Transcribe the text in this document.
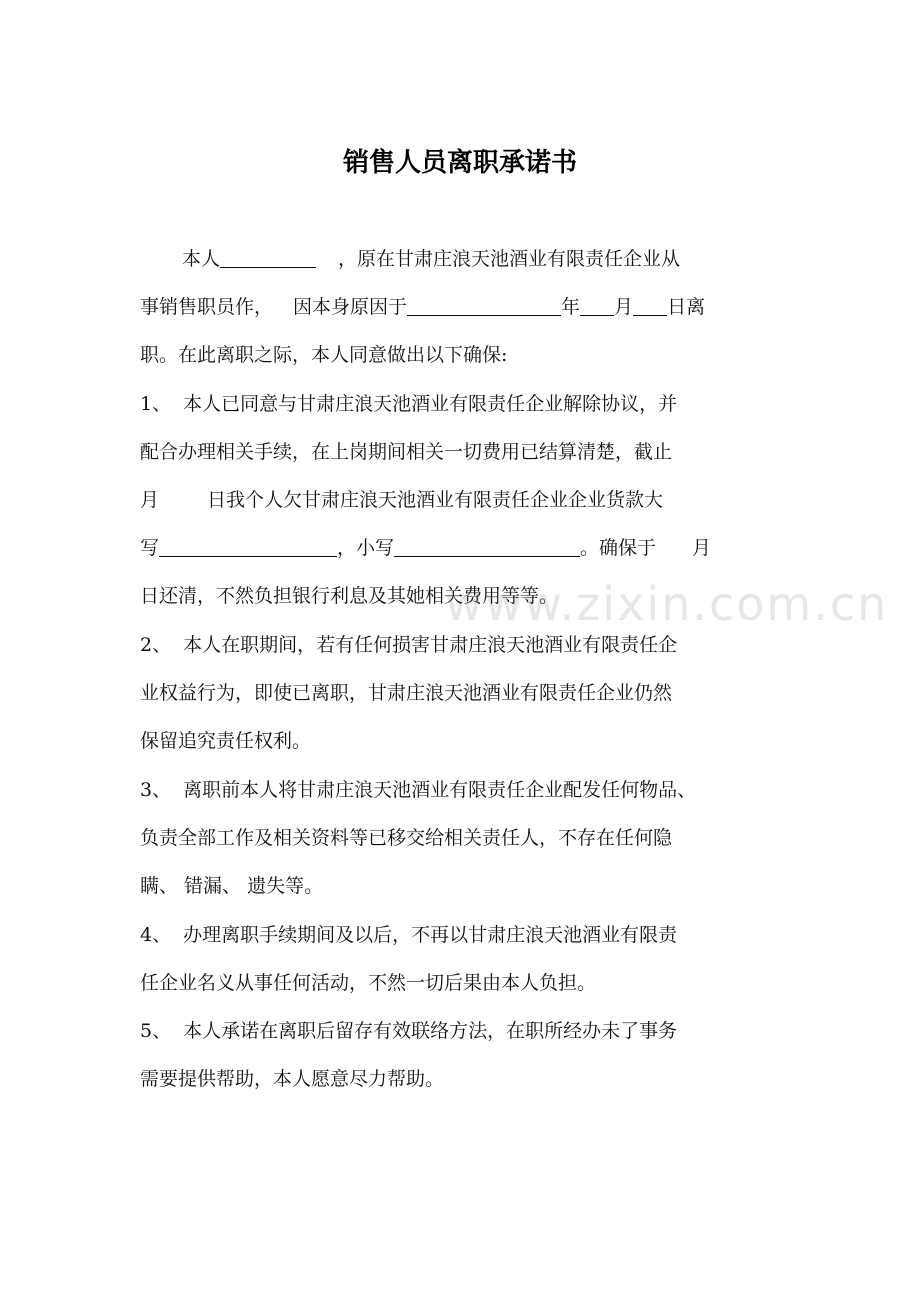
www.zixin.com.cn
销售人员离职承诺书
本人	，原在甘肃庄浪天池酒业有限责任企业从
事销售职员作， 因本身原因于	年 月 日离
职。在此离职之际，本人同意做出以下确保:
1、  本人已同意与甘肃庄浪天池酒业有限责任企业解除协议，并
配合办理相关手续，在上岗期间相关一切费用已结算清楚，截止
月	日我个人欠甘肃庄浪天池酒业有限责任企业企业货款大
写	，小写	。确保于 月
日还清，不然负担银行利息及其她相关费用等等。
2、  本人在职期间，若有任何损害甘肃庄浪天池酒业有限责任企
业权益行为，即使已离职，甘肃庄浪天池酒业有限责任企业仍然
保留追究责任权利。
3、  离职前本人将甘肃庄浪天池酒业有限责任企业配发任何物品、
负责全部工作及相关资料等已移交给相关责任人，不存在任何隐
瞒、 错漏、 遗失等。
4、  办理离职手续期间及以后，不再以甘肃庄浪天池酒业有限责
任企业名义从事任何活动，不然一切后果由本人负担。
5、  本人承诺在离职后留存有效联络方法，在职所经办未了事务
需要提供帮助，本人愿意尽力帮助。
